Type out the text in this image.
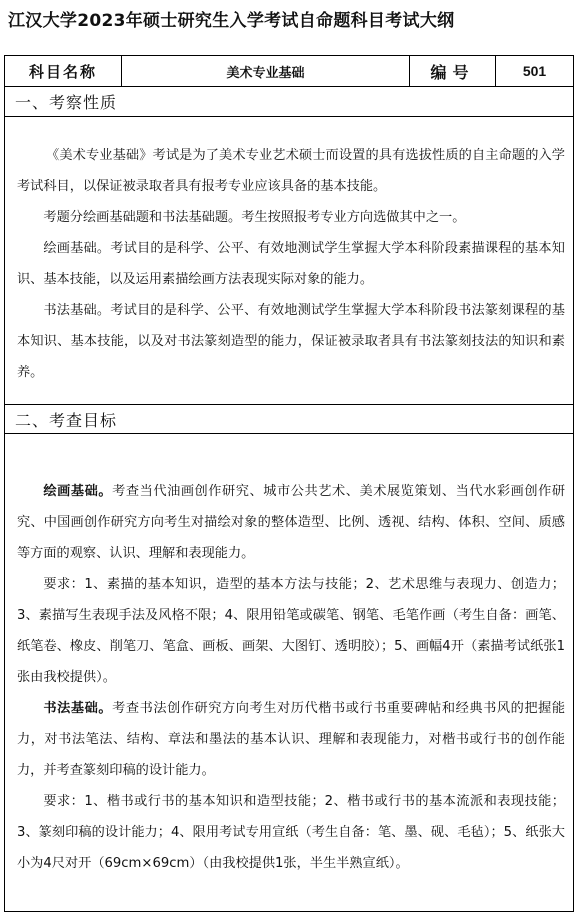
江汉大学2023年硕士研究生入学考试自命题科目考试大纲
科目名称	美术专业基础	编号	501
一、考察性质

《美术专业基础》考试是为了美术专业艺术硕士而设置的具有选拔性质的自主命题的入学考试科目，以保证被录取者具有报考专业应该具备的基本技能。

考题分绘画基础题和书法基础题。考生按照报考专业方向选做其中之一。

绘画基础。考试目的是科学、公平、有效地测试学生掌握大学本科阶段素描课程的基本知识、基本技能，以及运用素描绘画方法表现实际对象的能力。

书法基础。考试目的是科学、公平、有效地测试学生掌握大学本科阶段书法篆刻课程的基本知识、基本技能，以及对书法篆刻造型的能力，保证被录取者具有书法篆刻技法的知识和素养。

二、考查目标

绘画基础。考查当代油画创作研究、城市公共艺术、美术展览策划、当代水彩画创作研究、中国画创作研究方向考生对描绘对象的整体造型、比例、透视、结构、体积、空间、质感等方面的观察、认识、理解和表现能力。

要求：1、素描的基本知识，造型的基本方法与技能；2、艺术思维与表现力、创造力；3、素描写生表现手法及风格不限；4、限用铅笔或碳笔、钢笔、毛笔作画（考生自备：画笔、纸笔卷、橡皮、削笔刀、笔盒、画板、画架、大图钉、透明胶）；5、画幅4开（素描考试纸张1张由我校提供）。

书法基础。考查书法创作研究方向考生对历代楷书或行书重要碑帖和经典书风的把握能力，对书法笔法、结构、章法和墨法的基本认识、理解和表现能力，对楷书或行书的创作能力，并考查篆刻印稿的设计能力。

要求：1、楷书或行书的基本知识和造型技能；2、楷书或行书的基本流派和表现技能；3、篆刻印稿的设计能力；4、限用考试专用宣纸（考生自备：笔、墨、砚、毛毡）；5、纸张大小为4尺对开（69cm×69cm）（由我校提供1张，半生半熟宣纸）。
